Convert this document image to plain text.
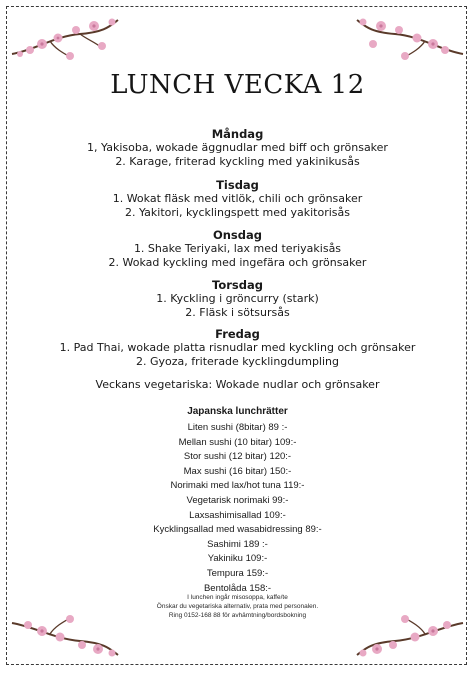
LUNCH VECKA 12
Måndag
1, Yakisoba, wokade äggnudlar med biff och grönsaker
2. Karage, friterad kyckling med yakinikusås
Tisdag
1. Wokat fläsk med vitlök, chili och grönsaker
2. Yakitori, kycklingspett med yakitorisås
Onsdag
1. Shake Teriyaki, lax med teriyakisås
2. Wokad kyckling med ingefära och grönsaker
Torsdag
1. Kyckling i gröncurry (stark)
2. Fläsk i sötsursås
Fredag
1. Pad Thai, wokade platta risnudlar med kyckling och grönsaker
2. Gyoza, friterade kycklingdumpling
Veckans vegetariska: Wokade nudlar och grönsaker
Japanska lunchrätter
Liten sushi (8bitar) 89 :-
Mellan sushi (10 bitar) 109:-
Stor sushi (12 bitar) 120:-
Max sushi (16 bitar) 150:-
Norimaki med lax/hot tuna 119:-
Vegetarisk norimaki 99:-
Laxsashimisallad 109:-
Kycklingsallad med wasabidressing 89:-
Sashimi 189 :-
Yakiniku 109:-
Tempura 159:-
Bentolåda 158:-
I lunchen ingår misosoppa, kaffe/te
Önskar du vegetariska alternativ, prata med personalen.
Ring 0152-168 88 för avhämtning/bordsbokning
